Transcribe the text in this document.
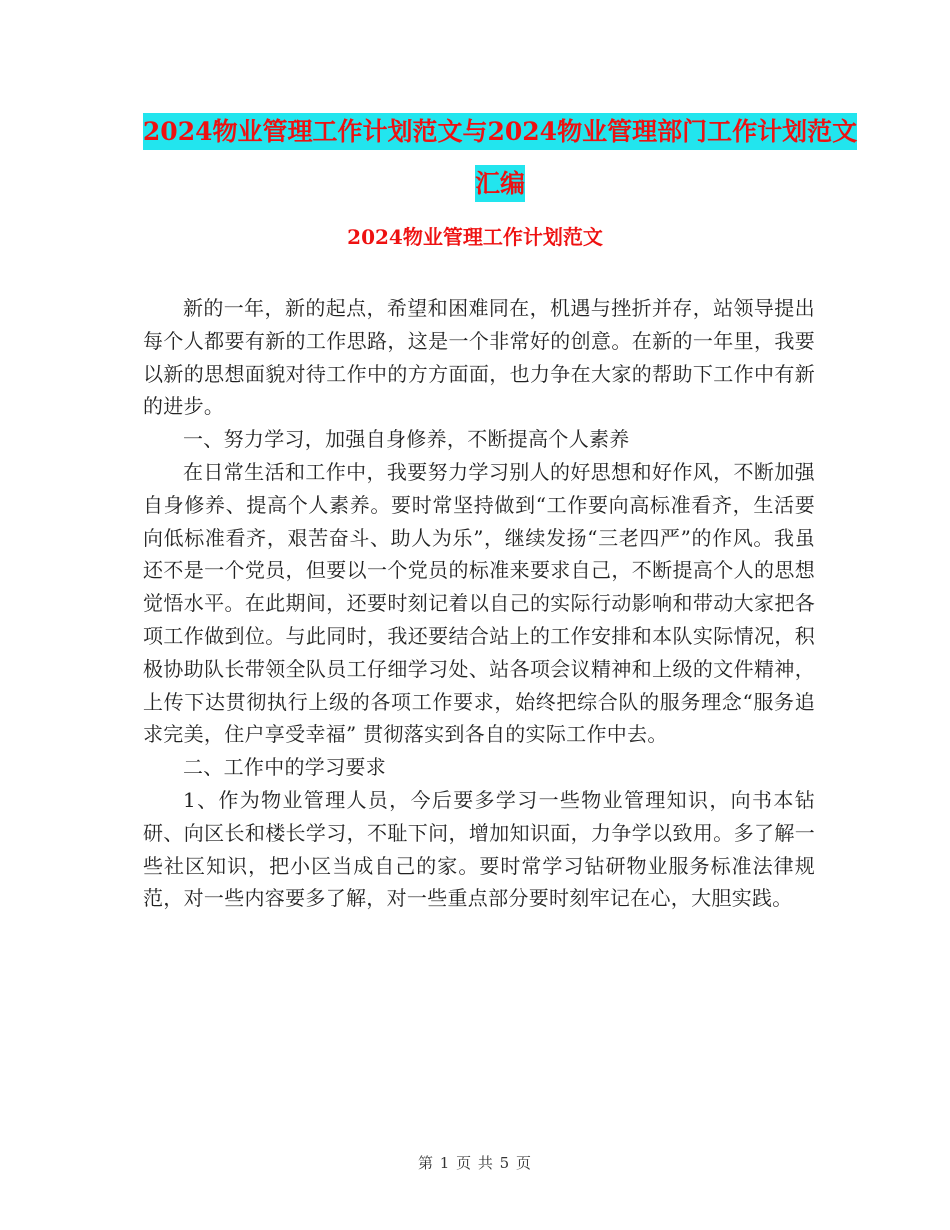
2024物业管理工作计划范文与2024物业管理部门工作计划范文汇编
2024物业管理工作计划范文

新的一年，新的起点，希望和困难同在，机遇与挫折并存，站领导提出每个人都要有新的工作思路，这是一个非常好的创意。在新的一年里，我要以新的思想面貌对待工作中的方方面面，也力争在大家的帮助下工作中有新的进步。

一、努力学习，加强自身修养，不断提高个人素养

在日常生活和工作中，我要努力学习别人的好思想和好作风，不断加强自身修养、提高个人素养。要时常坚持做到“工作要向高标准看齐，生活要向低标准看齐，艰苦奋斗、助人为乐”，继续发扬“三老四严”的作风。我虽还不是一个党员，但要以一个党员的标准来要求自己，不断提高个人的思想觉悟水平。在此期间，还要时刻记着以自己的实际行动影响和带动大家把各项工作做到位。与此同时，我还要结合站上的工作安排和本队实际情况，积极协助队长带领全队员工仔细学习处、站各项会议精神和上级的文件精神，上传下达贯彻执行上级的各项工作要求，始终把综合队的服务理念“服务追求完美，住户享受幸福” 贯彻落实到各自的实际工作中去。

二、工作中的学习要求

1、作为物业管理人员，今后要多学习一些物业管理知识，向书本钻研、向区长和楼长学习，不耻下问，增加知识面，力争学以致用。多了解一些社区知识，把小区当成自己的家。要时常学习钻研物业服务标准法律规范，对一些内容要多了解，对一些重点部分要时刻牢记在心，大胆实践。

第 1 页 共 5 页
